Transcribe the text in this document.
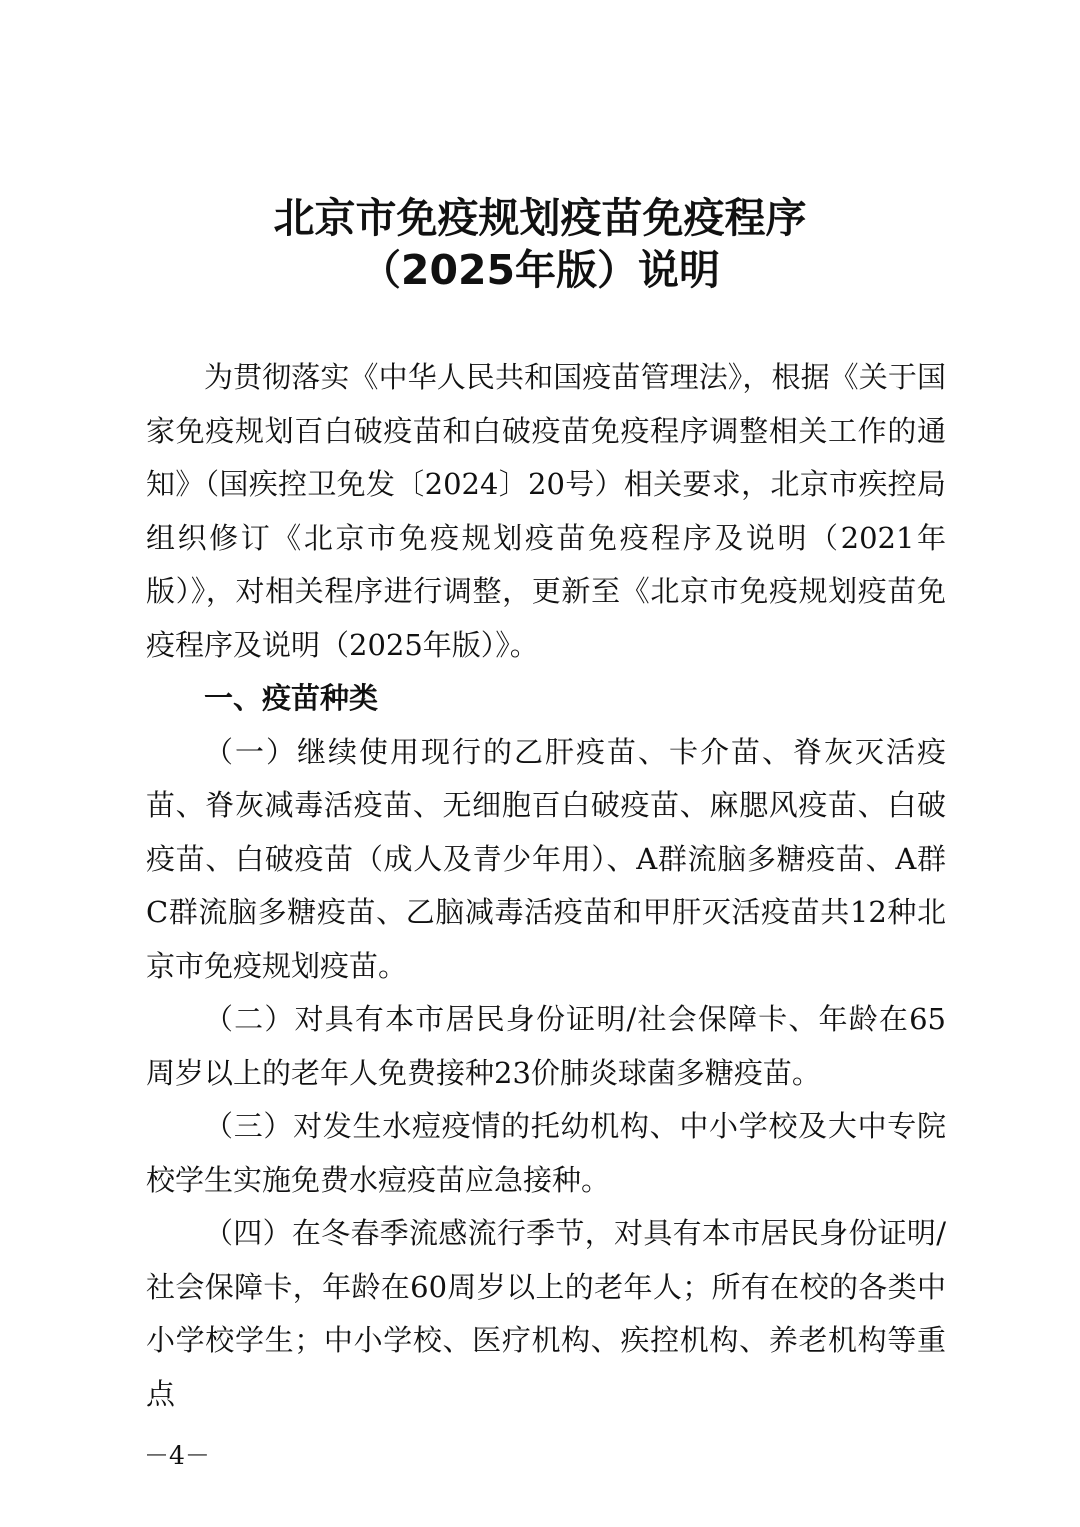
北京市免疫规划疫苗免疫程序
（2025年版）说明

为贯彻落实《中华人民共和国疫苗管理法》，根据《关于国家免疫规划百白破疫苗和白破疫苗免疫程序调整相关工作的通知》（国疾控卫免发〔2024〕20号）相关要求，北京市疾控局组织修订《北京市免疫规划疫苗免疫程序及说明（2021年版）》，对相关程序进行调整，更新至《北京市免疫规划疫苗免疫程序及说明（2025年版）》。

一、疫苗种类

（一）继续使用现行的乙肝疫苗、卡介苗、脊灰灭活疫苗、脊灰减毒活疫苗、无细胞百白破疫苗、麻腮风疫苗、白破疫苗、白破疫苗（成人及青少年用）、A群流脑多糖疫苗、A群C群流脑多糖疫苗、乙脑减毒活疫苗和甲肝灭活疫苗共12种北京市免疫规划疫苗。

（二）对具有本市居民身份证明/社会保障卡、年龄在65周岁以上的老年人免费接种23价肺炎球菌多糖疫苗。

（三）对发生水痘疫情的托幼机构、中小学校及大中专院校学生实施免费水痘疫苗应急接种。

（四）在冬春季流感流行季节，对具有本市居民身份证明/社会保障卡，年龄在60周岁以上的老年人；所有在校的各类中小学校学生；中小学校、医疗机构、疾控机构、养老机构等重点

－4－
